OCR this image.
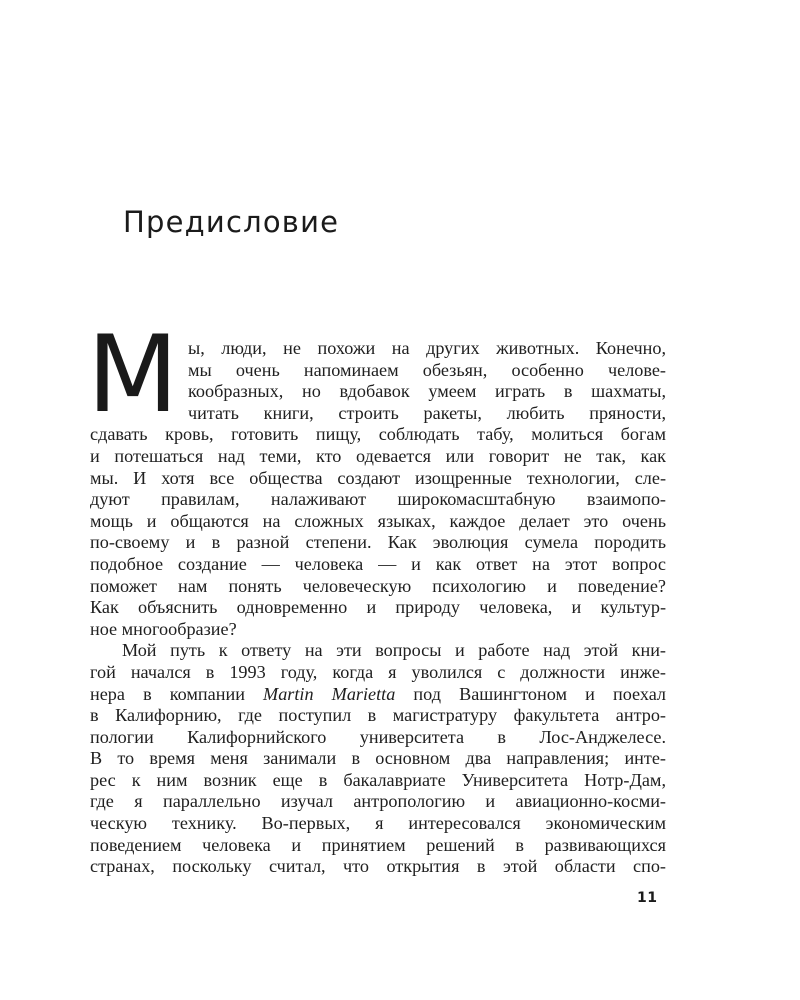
Предисловие
М ы, люди, не похожи на других животных. Конечно,
мы очень напоминаем обезьян, особенно челове-
кообразных, но вдобавок умеем играть в шахматы,
читать книги, строить ракеты, любить пряности,
сдавать кровь, готовить пищу, соблюдать табу, молиться богам
и потешаться над теми, кто одевается или говорит не так, как
мы. И хотя все общества создают изощренные технологии, сле-
дуют правилам, налаживают широкомасштабную взаимопо-
мощь и общаются на сложных языках, каждое делает это очень
по-своему и в разной степени. Как эволюция сумела породить
подобное создание — человека — и как ответ на этот вопрос
поможет нам понять человеческую психологию и поведение?
Как объяснить одновременно и природу человека, и культур-
ное многообразие?
Мой путь к ответу на эти вопросы и работе над этой кни-
гой начался в 1993 году, когда я уволился с должности инже-
нера в компании Martin Marietta под Вашингтоном и поехал
в Калифорнию, где поступил в магистратуру факультета антро-
пологии Калифорнийского университета в Лос-Анджелесе.
В то время меня занимали в основном два направления; инте-
рес к ним возник еще в бакалавриате Университета Нотр-Дам,
где я параллельно изучал антропологию и авиационно-косми-
ческую технику. Во-первых, я интересовался экономическим
поведением человека и принятием решений в развивающихся
странах, поскольку считал, что открытия в этой области спо-
11
